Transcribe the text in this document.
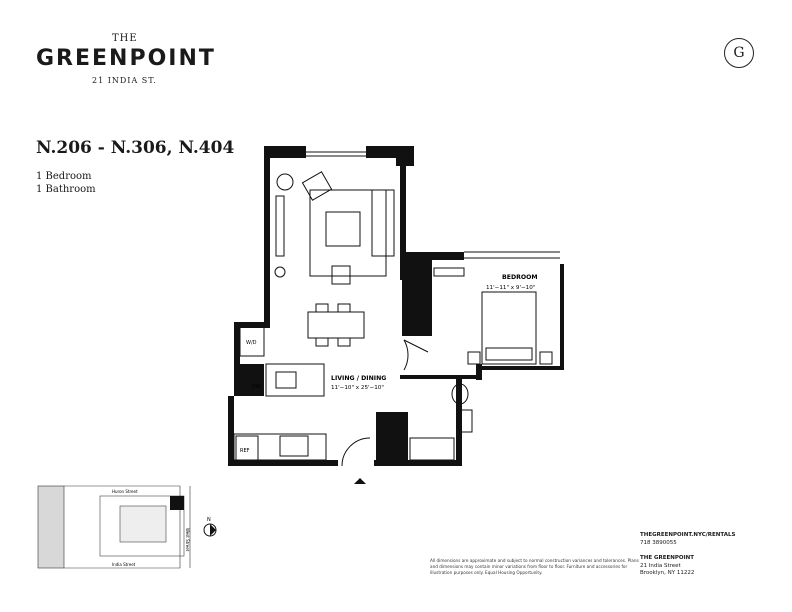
THE
GREENPOINT
21 INDIA ST.
G
N.206 - N.306, N.404
1 Bedroom
1 Bathroom
BEDROOM
11'−11" x 9'−10"
LIVING / DINING
11'−10" x 25'−10"
W/D
DW
REF
Huron Street
India Street
West Street
N
THEGREENPOINT.NYC/RENTALS
718 3890055
THE GREENPOINT
21 India Street
Brooklyn, NY 11222
All dimensions are approximate and subject to normal construction variances and tolerances. Plans and dimensions may contain minor variations from floor to floor. Furniture and accessories for illustration purposes only. Equal Housing Opportunity.
